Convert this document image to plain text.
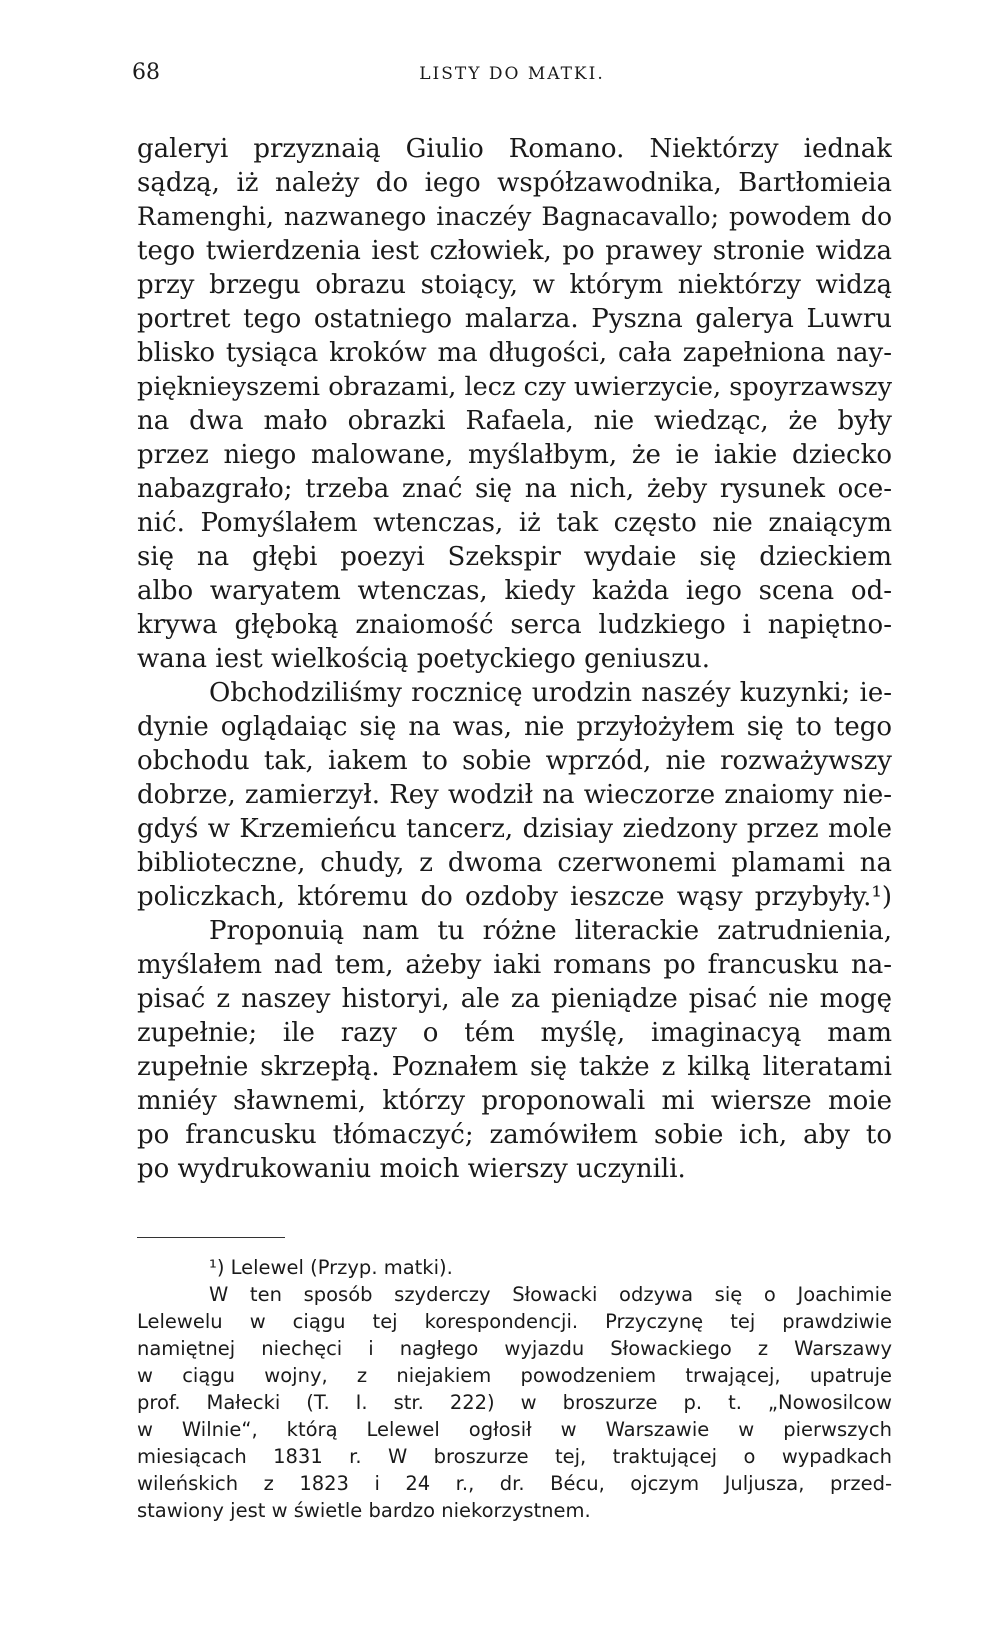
68	LISTY DO MATKI.
galeryi przyznaią Giulio Romano. Niektórzy iednak
sądzą, iż należy do iego współzawodnika, Bartłomieia
Ramenghi, nazwanego inaczéy Bagnacavallo; powodem do
tego twierdzenia iest człowiek, po prawey stronie widza
przy brzegu obrazu stoiący, w którym niektórzy widzą
portret tego ostatniego malarza. Pyszna galerya Luwru
blisko tysiąca kroków ma długości, cała zapełniona nay-
pięknieyszemi obrazami, lecz czy uwierzycie, spoyrzawszy
na dwa mało obrazki Rafaela, nie wiedząc, że były
przez niego malowane, myślałbym, że ie iakie dziecko
nabazgrało; trzeba znać się na nich, żeby rysunek oce-
nić. Pomyślałem wtenczas, iż tak często nie znaiącym
się na głębi poezyi Szekspir wydaie się dzieckiem
albo waryatem wtenczas, kiedy każda iego scena od-
krywa głęboką znaiomość serca ludzkiego i napiętno-
wana iest wielkością poetyckiego geniuszu.
Obchodziliśmy rocznicę urodzin naszéy kuzynki; ie-
dynie oglądaiąc się na was, nie przyłożyłem się to tego
obchodu tak, iakem to sobie wprzód, nie rozważywszy
dobrze, zamierzył. Rey wodził na wieczorze znaiomy nie-
gdyś w Krzemieńcu tancerz, dzisiay ziedzony przez mole
biblioteczne, chudy, z dwoma czerwonemi plamami na
policzkach, któremu do ozdoby ieszcze wąsy przybyły.¹)
Proponuią nam tu różne literackie zatrudnienia,
myślałem nad tem, ażeby iaki romans po francusku na-
pisać z naszey historyi, ale za pieniądze pisać nie mogę
zupełnie; ile razy o tém myślę, imaginacyą mam
zupełnie skrzepłą. Poznałem się także z kilką literatami
mniéy sławnemi, którzy proponowali mi wiersze moie
po francusku tłómaczyć; zamówiłem sobie ich, aby to
po wydrukowaniu moich wierszy uczynili.
¹) Lelewel (Przyp. matki).
W ten sposób szyderczy Słowacki odzywa się o Joachimie
Lelewelu w ciągu tej korespondencji. Przyczynę tej prawdziwie
namiętnej niechęci i nagłego wyjazdu Słowackiego z Warszawy
w ciągu wojny, z niejakiem powodzeniem trwającej, upatruje
prof. Małecki (T. I. str. 222) w broszurze p. t. „Nowosilcow
w Wilnie“, którą Lelewel ogłosił w Warszawie w pierwszych
miesiącach 1831 r. W broszurze tej, traktującej o wypadkach
wileńskich z 1823 i 24 r., dr. Bécu, ojczym Juljusza, przed-
stawiony jest w świetle bardzo niekorzystnem.
